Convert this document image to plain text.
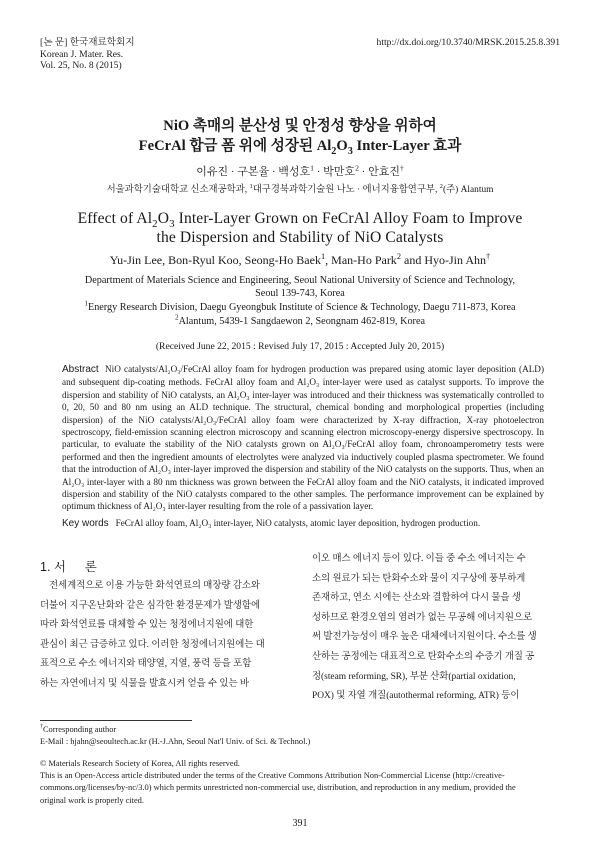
[논 문] 한국재료학회지
Korean J. Mater. Res.
Vol. 25, No. 8 (2015)
http://dx.doi.org/10.3740/MRSK.2015.25.8.391
NiO 촉매의 분산성 및 안정성 향상을 위하여
FeCrAl 합금 폼 위에 성장된 $Al_2O_3$ Inter-Layer 효과
이유진 · 구본율 · 백성호$^1$ · 박만호$^2$ · 안효진†
서울과학기술대학교 신소재공학과, $^1$대구경북과학기술원 나노 · 에너지융합연구부, $^2$(주) Alantum
Effect of $Al_2O_3$ Inter-Layer Grown on FeCrAl Alloy Foam to Improve
the Dispersion and Stability of NiO Catalysts
Yu-Jin Lee, Bon-Ryul Koo, Seong-Ho Baek$^1$, Man-Ho Park$^2$ and Hyo-Jin Ahn†
Department of Materials Science and Engineering, Seoul National University of Science and Technology,
Seoul 139-743, Korea
$^1$Energy Research Division, Daegu Gyeongbuk Institute of Science & Technology, Daegu 711-873, Korea
$^2$Alantum, 5439-1 Sangdaewon 2, Seongnam 462-819, Korea
(Received June 22, 2015 : Revised July 17, 2015 : Accepted July 20, 2015)
Abstract NiO catalysts/Al₂O₃/FeCrAl alloy foam for hydrogen production was prepared using atomic layer deposition (ALD) and subsequent dip-coating methods. FeCrAl alloy foam and Al₂O₃ inter-layer were used as catalyst supports. To improve the dispersion and stability of NiO catalysts, an Al₂O₃ inter-layer was introduced and their thickness was systematically controlled to 0, 20, 50 and 80 nm using an ALD technique. The structural, chemical bonding and morphological properties (including dispersion) of the NiO catalysts/Al₂O₃/FeCrAl alloy foam were characterized by X-ray diffraction, X-ray photoelectron spectroscopy, field-emission scanning electron microscopy and scanning electron microscopy-energy dispersive spectroscopy. In particular, to evaluate the stability of the NiO catalysts grown on Al₂O₃/FeCrAl alloy foam, chronoamperometry tests were performed and then the ingredient amounts of electrolytes were analyzed via inductively coupled plasma spectrometer. We found that the introduction of Al₂O₃ inter-layer improved the dispersion and stability of the NiO catalysts on the supports. Thus, when an Al₂O₃ inter-layer with a 80 nm thickness was grown between the FeCrAl alloy foam and the NiO catalysts, it indicated improved dispersion and stability of the NiO catalysts compared to the other samples. The performance improvement can be explained by optimum thickness of Al₂O₃ inter-layer resulting from the role of a passivation layer.
Key words FeCrAl alloy foam, Al₂O₃ inter-layer, NiO catalysts, atomic layer deposition, hydrogen production.
1. 서 론

전세계적으로 이용 가능한 화석연료의 매장량 감소와

더불어 지구온난화와 같은 심각한 환경문제가 발생함에

따라 화석연료를 대체할 수 있는 청정에너지원에 대한

관심이 최근 급증하고 있다. 이러한 청정에너지원에는 대

표적으로 수소 에너지와 태양열, 지열, 풍력 등을 포함

하는 자연에너지 및 식물을 발효시켜 얻을 수 있는 바

이오 매스 에너지 등이 있다. 이들 중 수소 에너지는 수

소의 원료가 되는 탄화수소와 물이 지구상에 풍부하게

존재하고, 연소 시에는 산소와 결합하여 다시 물을 생

성하므로 환경오염의 염려가 없는 무공해 에너지원으로

써 발전가능성이 매우 높은 대체에너지원이다. 수소를 생

산하는 공정에는 대표적으로 탄화수소의 수증기 개질 공

정(steam reforming, SR), 부분 산화(partial oxidation,

POX) 및 자열 개질(autothermal reforming, ATR) 등이

†Corresponding author
E-Mail : hjahn@seoultech.ac.kr (H.-J.Ahn, Seoul Nat'l Univ. of Sci. & Technol.)
© Materials Research Society of Korea, All rights reserved.
This is an Open-Access article distributed under the terms of the Creative Commons Attribution Non-Commercial License (http://creative-
commons.org/licenses/by-nc/3.0) which permits unrestricted non-commercial use, distribution, and reproduction in any medium, provided the
original work is properly cited.
391
